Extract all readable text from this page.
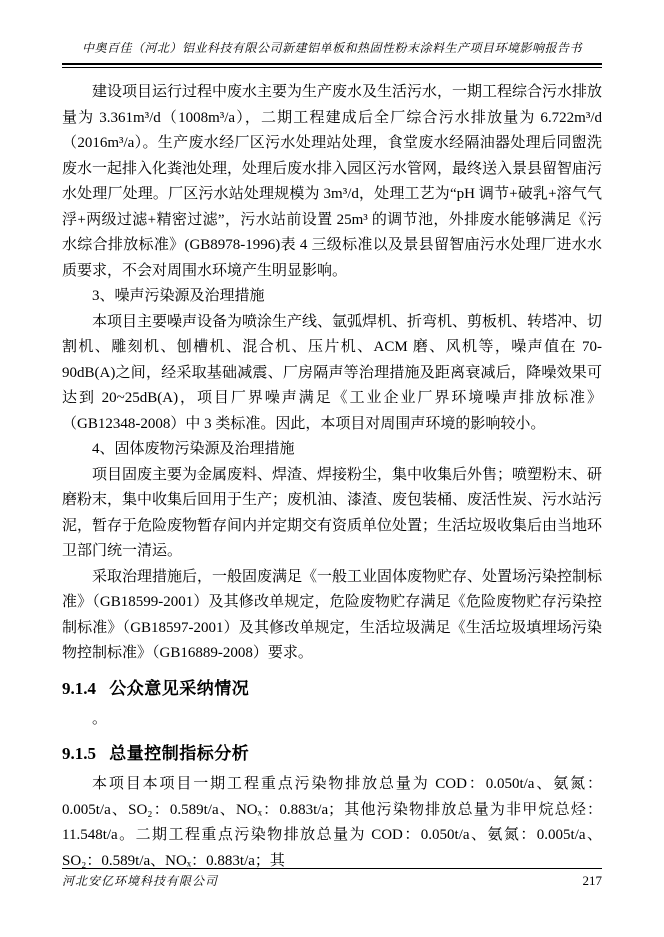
中奥百佳（河北）铝业科技有限公司新建铝单板和热固性粉末涂料生产项目环境影响报告书

建设项目运行过程中废水主要为生产废水及生活污水，一期工程综合污水排放量为 3.361m³/d（1008m³/a），二期工程建成后全厂综合污水排放量为 6.722m³/d（2016m³/a）。生产废水经厂区污水处理站处理，食堂废水经隔油器处理后同盥洗废水一起排入化粪池处理，处理后废水排入园区污水管网，最终送入景县留智庙污水处理厂处理。厂区污水站处理规模为 3m³/d，处理工艺为“pH 调节+破乳+溶气气浮+两级过滤+精密过滤”，污水站前设置 25m³ 的调节池，外排废水能够满足《污水综合排放标准》(GB8978-1996)表 4 三级标准以及景县留智庙污水处理厂进水水质要求，不会对周围水环境产生明显影响。

3、噪声污染源及治理措施

本项目主要噪声设备为喷涂生产线、氩弧焊机、折弯机、剪板机、转塔冲、切割机、雕刻机、刨槽机、混合机、压片机、ACM 磨、风机等，噪声值在 70-90dB(A)之间，经采取基础减震、厂房隔声等治理措施及距离衰减后，降噪效果可达到 20~25dB(A)，项目厂界噪声满足《工业企业厂界环境噪声排放标准》（GB12348-2008）中 3 类标准。因此，本项目对周围声环境的影响较小。

4、固体废物污染源及治理措施

项目固废主要为金属废料、焊渣、焊接粉尘，集中收集后外售；喷塑粉末、研磨粉末，集中收集后回用于生产；废机油、漆渣、废包装桶、废活性炭、污水站污泥，暂存于危险废物暂存间内并定期交有资质单位处置；生活垃圾收集后由当地环卫部门统一清运。

采取治理措施后，一般固废满足《一般工业固体废物贮存、处置场污染控制标准》（GB18599-2001）及其修改单规定，危险废物贮存满足《危险废物贮存污染控制标准》（GB18597-2001）及其修改单规定，生活垃圾满足《生活垃圾填埋场污染物控制标准》（GB16889-2008）要求。

9.1.4 公众意见采纳情况

。

9.1.5 总量控制指标分析

本项目本项目一期工程重点污染物排放总量为 COD：0.050t/a、氨氮：0.005t/a、SO₂：0.589t/a、NOₓ：0.883t/a；其他污染物排放总量为非甲烷总烃：11.548t/a。二期工程重点污染物排放总量为 COD：0.050t/a、氨氮：0.005t/a、SO₂：0.589t/a、NOₓ：0.883t/a；其

河北安亿环境科技有限公司	217
